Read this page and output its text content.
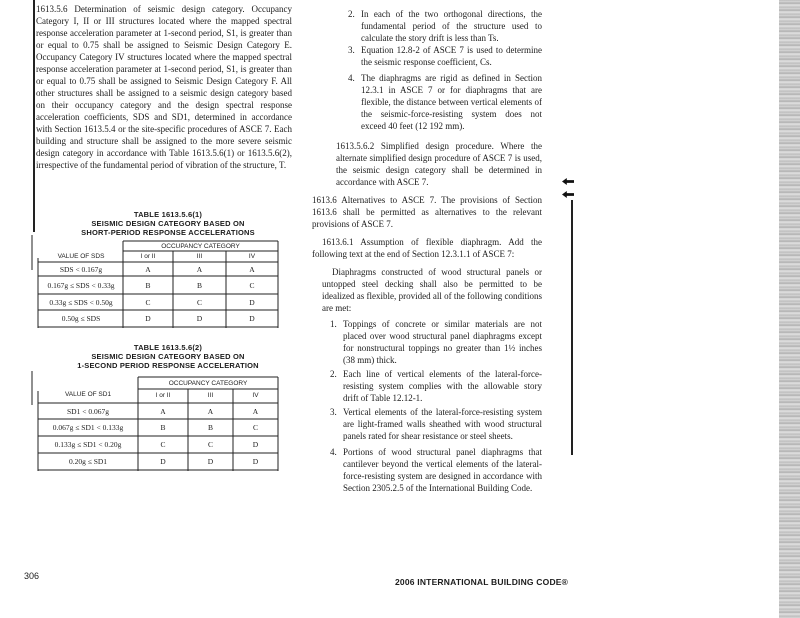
1613.5.6 Determination of seismic design category. Occupancy Category I, II or III structures located where the mapped spectral response acceleration parameter at 1-second period, S1, is greater than or equal to 0.75 shall be assigned to Seismic Design Category E. Occupancy Category IV structures located where the mapped spectral response acceleration parameter at 1-second period, S1, is greater than or equal to 0.75 shall be assigned to Seismic Design Category F. All other structures shall be assigned to a seismic design category based on their occupancy category and the design spectral response acceleration coefficients, SDS and SD1, determined in accordance with Section 1613.5.4 or the site-specific procedures of ASCE 7. Each building and structure shall be assigned to the more severe seismic design category in accordance with Table 1613.5.6(1) or 1613.5.6(2), irrespective of the fundamental period of vibration of the structure, T.

TABLE 1613.5.6(1)
SEISMIC DESIGN CATEGORY BASED ON
SHORT-PERIOD RESPONSE ACCELERATIONS
OCCUPANCY CATEGORY
VALUE OF SDS	I or II	III	IV
SDS < 0.167g	A	A	A
0.167g ≤ SDS < 0.33g	B	B	C
0.33g ≤ SDS < 0.50g	C	C	D
0.50g ≤ SDS	D	D	D
TABLE 1613.5.6(2)
SEISMIC DESIGN CATEGORY BASED ON
1-SECOND PERIOD RESPONSE ACCELERATION
OCCUPANCY CATEGORY
VALUE OF SD1	I or II	III	IV
SD1 < 0.067g	A	A	A
0.067g ≤ SD1 < 0.133g	B	B	C
0.133g ≤ SD1 < 0.20g	C	C	D
0.20g ≤ SD1	D	D	D
306
2. In each of the two orthogonal directions, the fundamental period of the structure used to calculate the story drift is less than Ts.
3. Equation 12.8-2 of ASCE 7 is used to determine the seismic response coefficient, Cs.
4. The diaphragms are rigid as defined in Section 12.3.1 in ASCE 7 or for diaphragms that are flexible, the distance between vertical elements of the seismic-force-resisting system does not exceed 40 feet (12 192 mm).
1613.5.6.2 Simplified design procedure. Where the alternate simplified design procedure of ASCE 7 is used, the seismic design category shall be determined in accordance with ASCE 7.
1613.6 Alternatives to ASCE 7. The provisions of Section 1613.6 shall be permitted as alternatives to the relevant provisions of ASCE 7.
1613.6.1 Assumption of flexible diaphragm. Add the following text at the end of Section 12.3.1.1 of ASCE 7:
Diaphragms constructed of wood structural panels or untopped steel decking shall also be permitted to be idealized as flexible, provided all of the following conditions are met:
1. Toppings of concrete or similar materials are not placed over wood structural panel diaphragms except for nonstructural toppings no greater than 1½ inches (38 mm) thick.
2. Each line of vertical elements of the lateral-force-resisting system complies with the allowable story drift of Table 12.12-1.
3. Vertical elements of the lateral-force-resisting system are light-framed walls sheathed with wood structural panels rated for shear resistance or steel sheets.
4. Portions of wood structural panel diaphragms that cantilever beyond the vertical elements of the lateral-force-resisting system are designed in accordance with Section 2305.2.5 of the International Building Code.
2006 INTERNATIONAL BUILDING CODE®
